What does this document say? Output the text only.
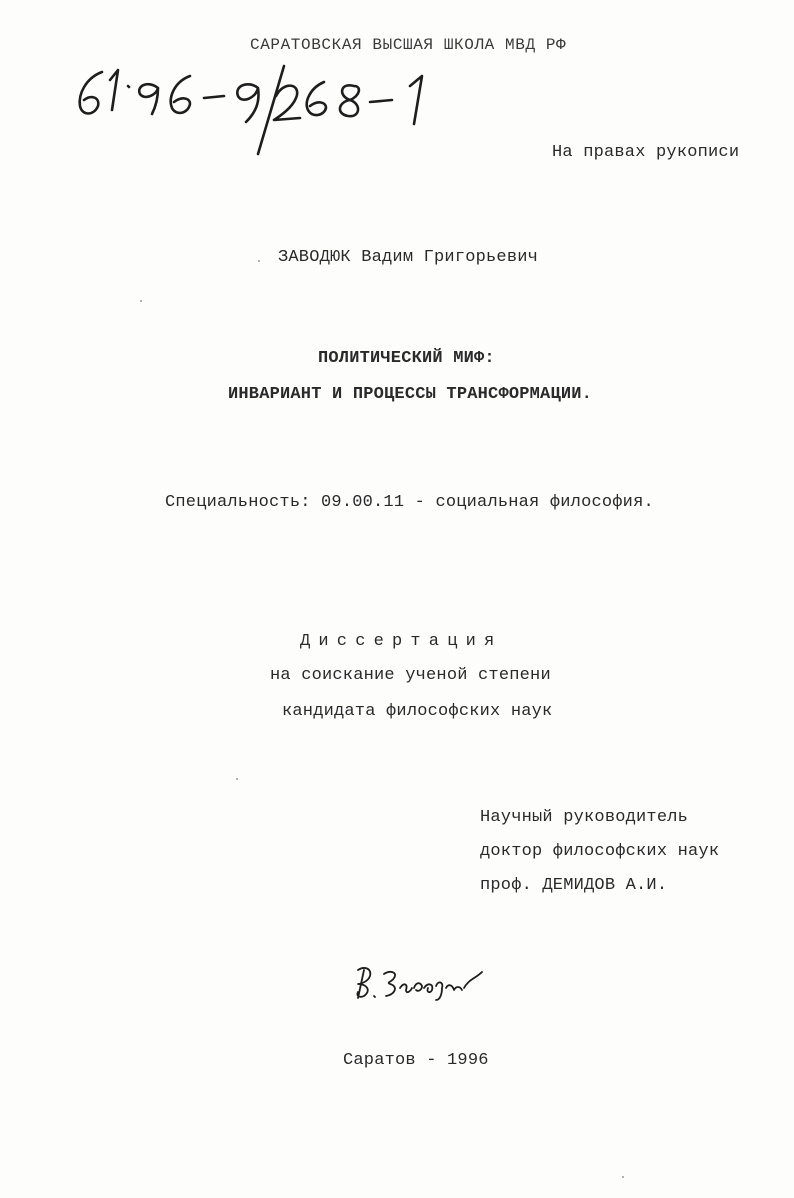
САРАТОВСКАЯ ВЫСШАЯ ШКОЛА МВД РФ
На правах рукописи
ЗАВОДЮК Вадим Григорьевич
ПОЛИТИЧЕСКИЙ МИФ:
ИНВАРИАНТ И ПРОЦЕССЫ ТРАНСФОРМАЦИИ.
Специальность: 09.00.11 - социальная философия.
Диссертация
на соискание ученой степени
кандидата философских наук
Научный руководитель
доктор философских наук
проф. ДЕМИДОВ А.И.
Саратов - 1996
